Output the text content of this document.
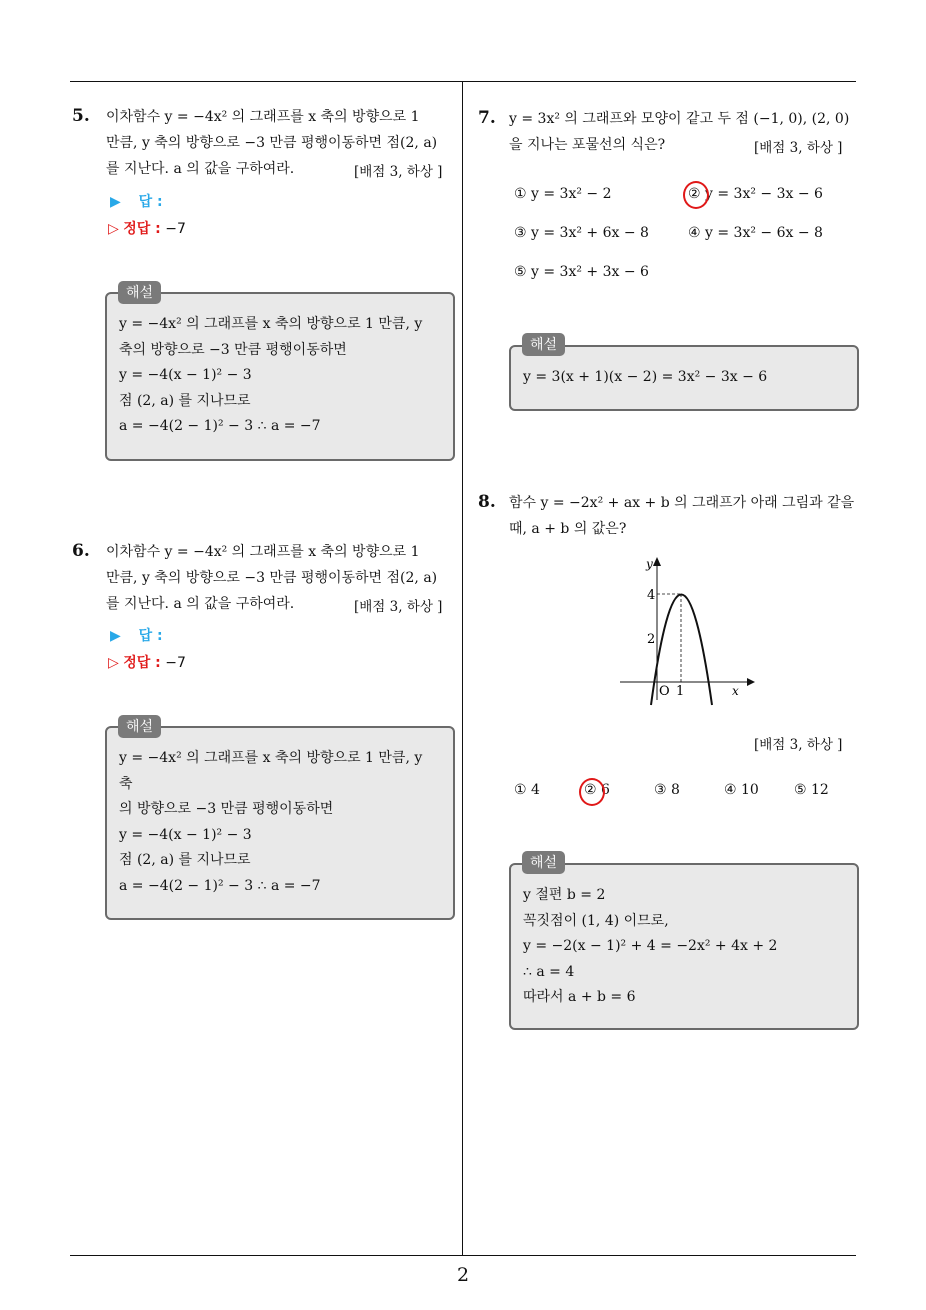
2
5. 이차함수 y = −4x² 의 그래프를 x 축의 방향으로 1
만큼, y 축의 방향으로 −3 만큼 평행이동하면 점(2, a)
를 지난다. a 의 값을 구하여라.	[배점 3, 하상 ]
▶ 답 :
▷ 정답 : −7
y = −4x² 의 그래프를 x 축의 방향으로 1 만큼, y
축의 방향으로 −3 만큼 평행이동하면
y = −4(x − 1)² − 3
점 (2, a) 를 지나므로
a = −4(2 − 1)² − 3 ∴ a = −7
해설
6. 이차함수 y = −4x² 의 그래프를 x 축의 방향으로 1
만큼, y 축의 방향으로 −3 만큼 평행이동하면 점(2, a)
를 지난다. a 의 값을 구하여라.	[배점 3, 하상 ]
▶ 답 :
▷ 정답 : −7
y = −4x² 의 그래프를 x 축의 방향으로 1 만큼, y
축
의 방향으로 −3 만큼 평행이동하면
y = −4(x − 1)² − 3
점 (2, a) 를 지나므로
a = −4(2 − 1)² − 3 ∴ a = −7
해설
7. y = 3x² 의 그래프와 모양이 같고 두 점 (−1, 0), (2, 0)
을 지나는 포물선의 식은?	[배점 3, 하상 ]
① y = 3x² − 2	② y = 3x² − 3x − 6
③ y = 3x² + 6x − 8	④ y = 3x² − 6x − 8
⑤ y = 3x² + 3x − 6
y = 3(x + 1)(x − 2) = 3x² − 3x − 6
해설
8. 함수 y = −2x² + ax + b 의 그래프가 아래 그림과 같을
때, a + b 의 값은?
y
x
O 1
4
2
[배점 3, 하상 ]
① 4	② 6	③ 8	④ 10	⑤ 12
y 절편 b = 2
꼭짓점이 (1, 4) 이므로,
y = −2(x − 1)² + 4 = −2x² + 4x + 2
∴ a = 4
따라서 a + b = 6
해설
